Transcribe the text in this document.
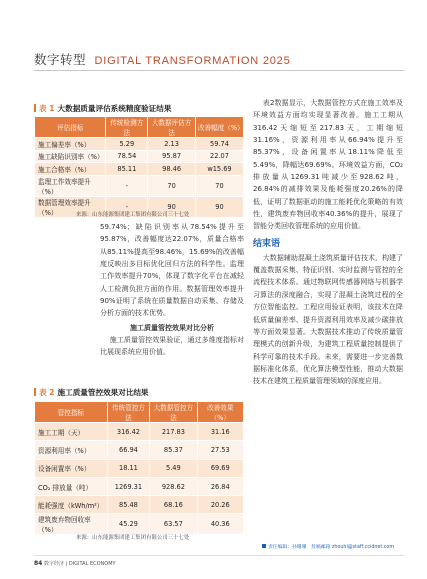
数字转型 DIGITAL TRANSFORMATION 2025
表 1 大数据质量评估系统精度验证结果
评估指标	传统检测方法	大数据评估方法	改善幅度（%）
施工偏差率（%）	5.29	2.13	59.74
施工缺陷识别率（%）	78.54	95.87	22.07
施工合格率（%）	85.11	98.46	w15.69
监理工作效率提升（%）	-	70	70
数据管理效率提升（%）	-	90	90
来源：山东能源集团建工集团有限公司三十七处

59.74%；缺陷识别率从78.54%提升至95.87%，改善幅度达22.07%，质量合格率从85.11%提高至98.46%，15.69%的改善幅度反映出多目标优化回归方法的科学性。监理工作效率提升70%，体现了数字化平台在减轻人工检测负担方面的作用。数据管理效率提升90%证明了系统在质量数据自动采集、存储及分析方面的技术优势。

施工质量管控效果对比分析

施工质量管控效果验证，通过多维度指标对比展现系统应用价值。

表 2 施工质量管控效果对比结果
管控指标	传统管控方法	大数据管控方法	改善效果（%）
施工工期（天）	316.42	217.83	31.16
资源利用率（%）	66.94	85.37	27.53
设备闲置率（%）	18.11	5.49	69.69
CO₂ 排放量（吨）	1269.31	928.62	26.84
能耗强度（kWh/m²）	85.48	68.16	20.26
建筑废弃物回收率（%）	45.29	63.57	40.36
来源：山东能源集团建工集团有限公司三十七处

表2数据显示，大数据管控方式在施工效率及环境效益方面均实现显著改善。施工工期从316.42天缩短至217.83天，工期缩短31.16%，资源利用率从66.94%提升至85.37%，设备闲置率从18.11%降低至5.49%，降幅达69.69%。环境效益方面，CO₂排放量从1269.31吨减少至928.62吨，26.84%的减排效果及能耗强度20.26%的降低，证明了数据驱动的施工能耗优化策略的有效性，建筑废弃物回收率40.36%的提升，展现了智能分类回收管理系统的应用价值。

结束语

大数据辅助混凝土浇筑质量评估技术，构建了覆盖数据采集、特征识别、实时监测与管控的全流程技术体系。通过物联网传感器网络与机器学习算法的深度融合，实现了混凝土浇筑过程的全方位智能监控。工程应用验证表明，该技术在降低质量偏差率、提升资源利用效率及减少碳排放等方面效果显著。大数据技术推动了传统质量管理模式的创新升级，为建筑工程质量控制提供了科学可靠的技术手段。未来，需要进一步完善数据标准化体系，优化算法模型性能，推动大数据技术在建筑工程质量管理领域的深度应用。

责任编辑：孙珊珊　投稿邮箱 zhouhi@staff.ccidnet.com
84 数字经济 | DIGITAL ECONOMY
